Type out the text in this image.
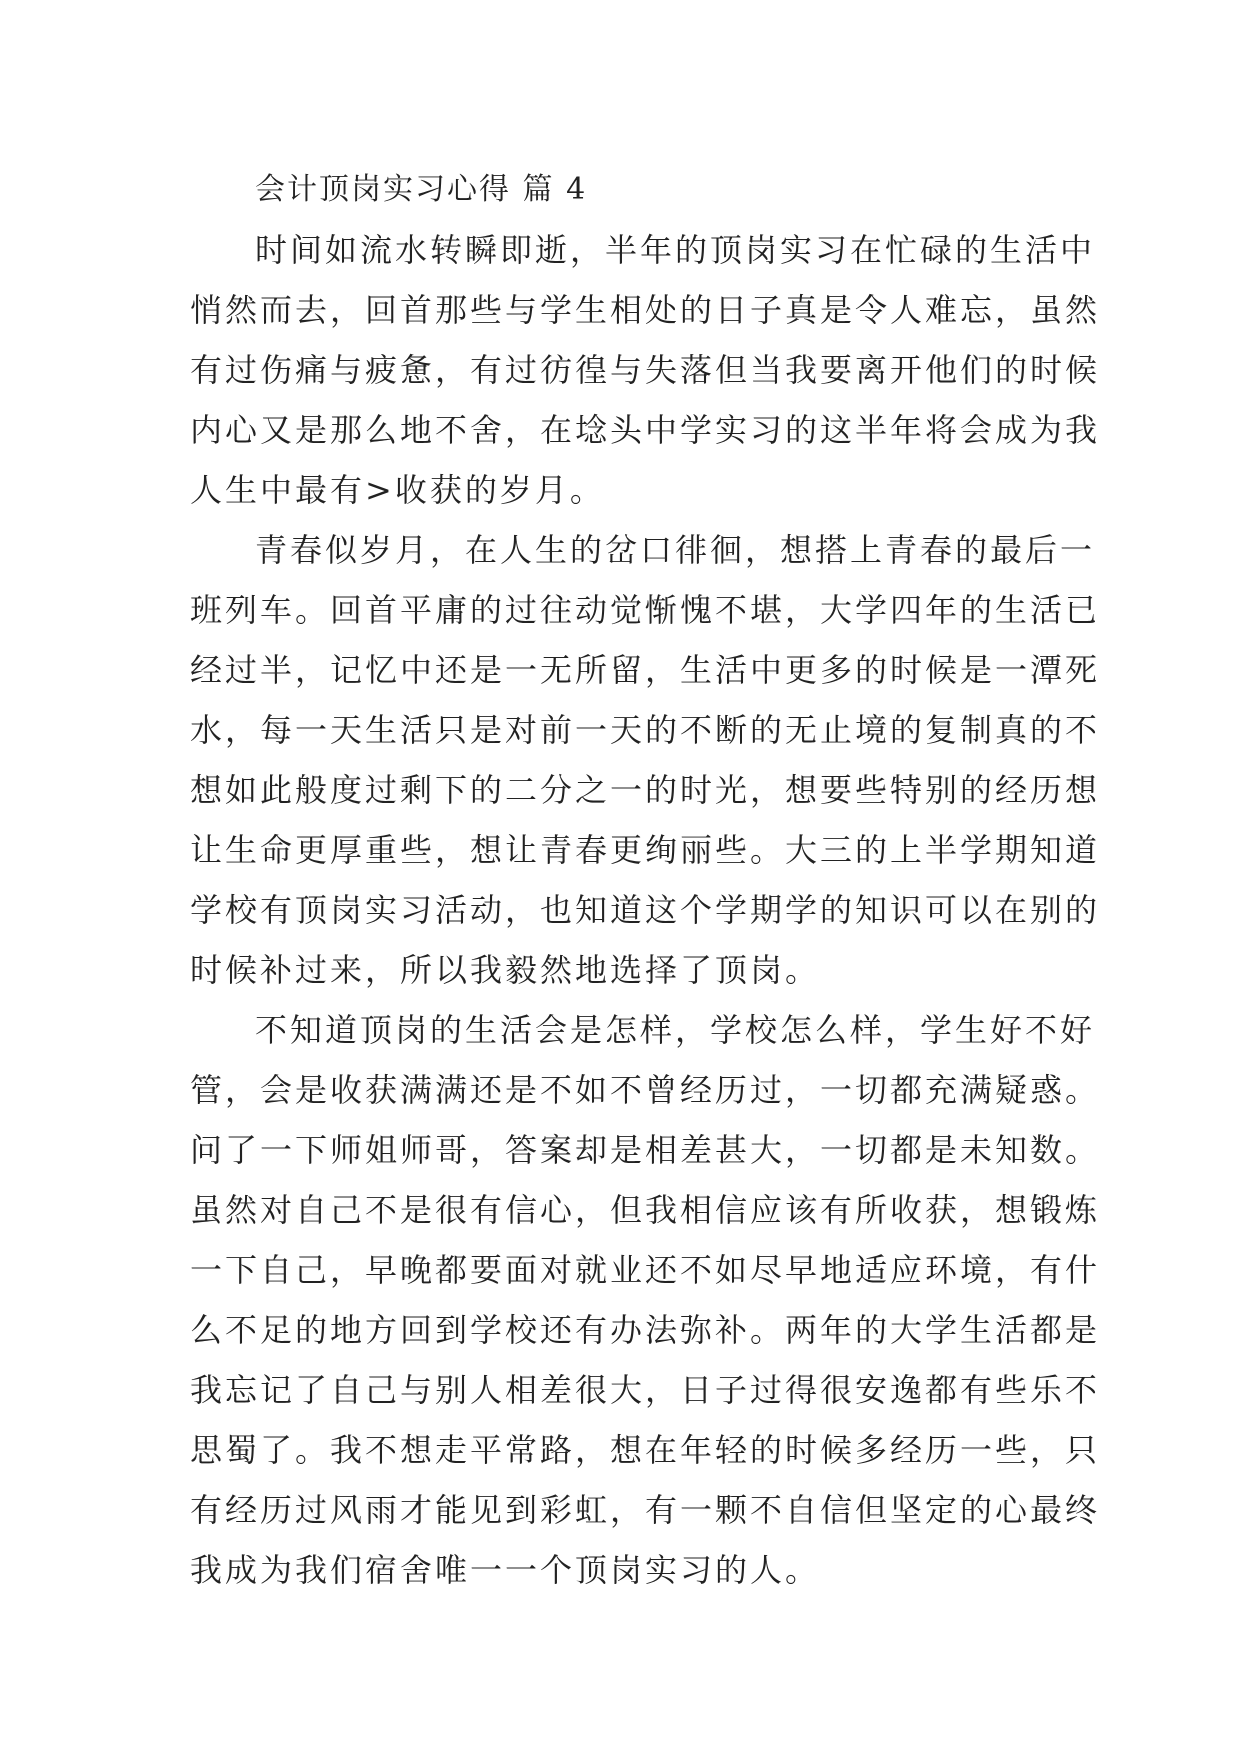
会计顶岗实习心得 篇 4

时间如流水转瞬即逝，半年的顶岗实习在忙碌的生活中
悄然而去，回首那些与学生相处的日子真是令人难忘，虽然
有过伤痛与疲惫，有过彷徨与失落但当我要离开他们的时候
内心又是那么地不舍，在埝头中学实习的这半年将会成为我
人生中最有>收获的岁月。

青春似岁月，在人生的岔口徘徊，想搭上青春的最后一
班列车。回首平庸的过往动觉惭愧不堪，大学四年的生活已
经过半，记忆中还是一无所留，生活中更多的时候是一潭死
水，每一天生活只是对前一天的不断的无止境的复制真的不
想如此般度过剩下的二分之一的时光，想要些特别的经历想
让生命更厚重些，想让青春更绚丽些。大三的上半学期知道
学校有顶岗实习活动，也知道这个学期学的知识可以在别的
时候补过来，所以我毅然地选择了顶岗。

不知道顶岗的生活会是怎样，学校怎么样，学生好不好
管，会是收获满满还是不如不曾经历过，一切都充满疑惑。
问了一下师姐师哥，答案却是相差甚大，一切都是未知数。
虽然对自己不是很有信心，但我相信应该有所收获，想锻炼
一下自己，早晚都要面对就业还不如尽早地适应环境，有什
么不足的地方回到学校还有办法弥补。两年的大学生活都是
我忘记了自己与别人相差很大，日子过得很安逸都有些乐不
思蜀了。我不想走平常路，想在年轻的时候多经历一些，只
有经历过风雨才能见到彩虹，有一颗不自信但坚定的心最终
我成为我们宿舍唯一一个顶岗实习的人。
